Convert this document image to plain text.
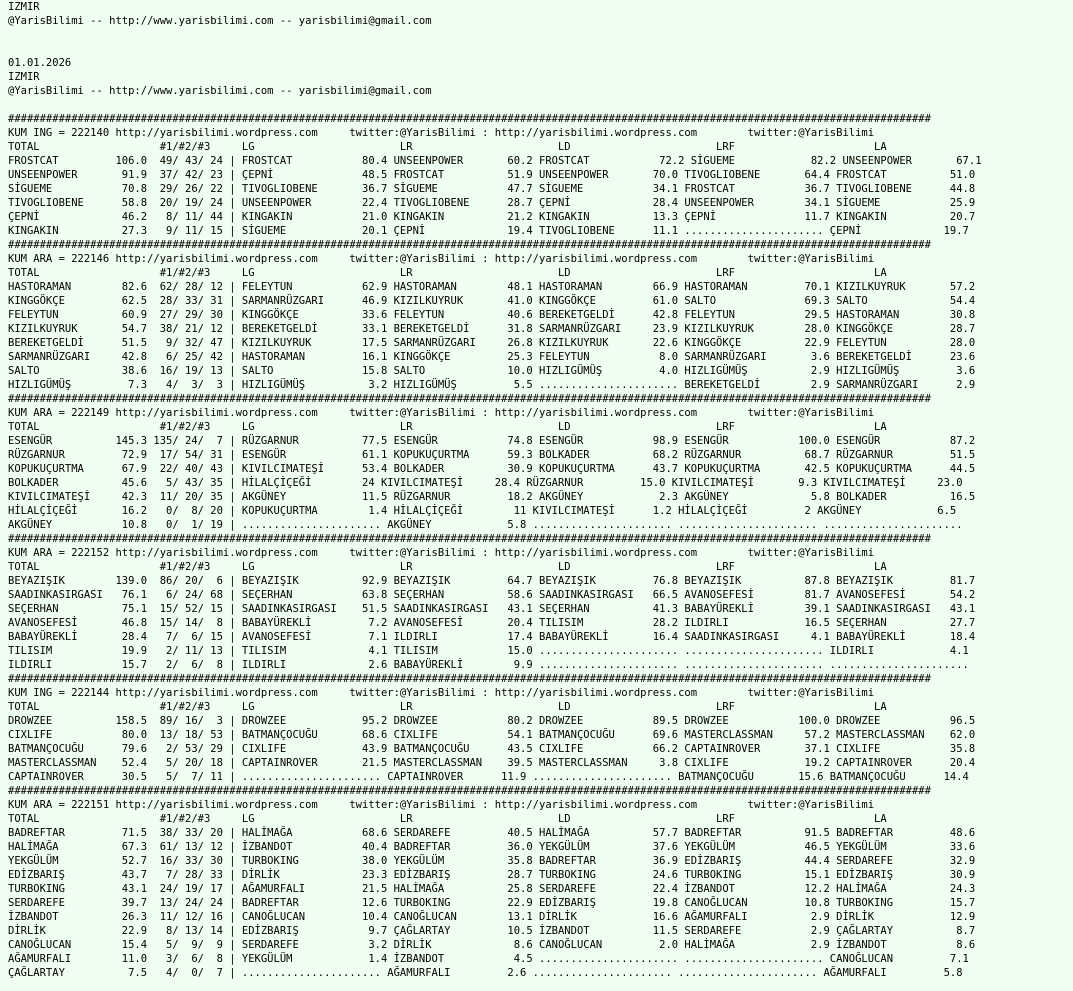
IZMIR
@YarisBilimi -- http://www.yarisbilimi.com -- yarisbilimi@gmail.com

01.01.2026
IZMIR
@YarisBilimi -- http://www.yarisbilimi.com -- yarisbilimi@gmail.com

##################################################################################################################################################
KUM ING = 222140 http://yarisbilimi.wordpress.com     twitter:@YarisBilimi : http://yarisbilimi.wordpress.com        twitter:@YarisBilimi
TOTAL                   #1/#2/#3     LG                       LR                       LD                       LRF                      LA
FROSTCAT         106.0  49/ 43/ 24 | FROSTCAT           80.4 UNSEENPOWER       60.2 FROSTCAT           72.2 SİGUEME            82.2 UNSEENPOWER       67.1
UNSEENPOWER       91.9  37/ 42/ 23 | ÇEPNİ              48.5 FROSTCAT          51.9 UNSEENPOWER       70.0 TIVOGLIOBENE       64.4 FROSTCAT          51.0
SİGUEME           70.8  29/ 26/ 22 | TIVOGLIOBENE       36.7 SİGUEME           47.7 SİGUEME           34.1 FROSTCAT           36.7 TIVOGLIOBENE      44.8
TIVOGLIOBENE      58.8  20/ 19/ 24 | UNSEENPOWER        22.4 TIVOGLIOBENE      28.7 ÇEPNİ             28.4 UNSEENPOWER        34.1 SİGUEME           25.9
ÇEPNİ             46.2   8/ 11/ 44 | KINGAKIN           21.0 KINGAKIN          21.2 KINGAKIN          13.3 ÇEPNİ              11.7 KINGAKIN          20.7
KINGAKIN          27.3   9/ 11/ 15 | SİGUEME            20.1 ÇEPNİ             19.4 TIVOGLIOBENE      11.1 ...................... ÇEPNİ             19.7
##################################################################################################################################################
KUM ARA = 222146 http://yarisbilimi.wordpress.com     twitter:@YarisBilimi : http://yarisbilimi.wordpress.com        twitter:@YarisBilimi
TOTAL                   #1/#2/#3     LG                       LR                       LD                       LRF                      LA
HASTORAMAN        82.6  62/ 28/ 12 | FELEYTUN           62.9 HASTORAMAN        48.1 HASTORAMAN        66.9 HASTORAMAN         70.1 KIZILKUYRUK       57.2
KINGGÖKÇE         62.5  28/ 33/ 31 | SARMANRÜZGARI      46.9 KIZILKUYRUK       41.0 KINGGÖKÇE         61.0 SALTO              69.3 SALTO             54.4
FELEYTUN          60.9  27/ 29/ 30 | KINGGÖKÇE          33.6 FELEYTUN          40.6 BEREKETGELDİ      42.8 FELEYTUN           29.5 HASTORAMAN        30.8
KIZILKUYRUK       54.7  38/ 21/ 12 | BEREKETGELDİ       33.1 BEREKETGELDİ      31.8 SARMANRÜZGARI     23.9 KIZILKUYRUK        28.0 KINGGÖKÇE         28.7
BEREKETGELDİ      51.5   9/ 32/ 47 | KIZILKUYRUK        17.5 SARMANRÜZGARI     26.8 KIZILKUYRUK       22.6 KINGGÖKÇE          22.9 FELEYTUN          28.0
SARMANRÜZGARI     42.8   6/ 25/ 42 | HASTORAMAN         16.1 KINGGÖKÇE         25.3 FELEYTUN           8.0 SARMANRÜZGARI       3.6 BEREKETGELDİ      23.6
SALTO             38.6  16/ 19/ 13 | SALTO              15.8 SALTO             10.0 HIZLIGÜMÜŞ         4.0 HIZLIGÜMÜŞ          2.9 HIZLIGÜMÜŞ         3.6
HIZLIGÜMÜŞ         7.3   4/  3/  3 | HIZLIGÜMÜŞ          3.2 HIZLIGÜMÜŞ         5.5 ...................... BEREKETGELDİ        2.9 SARMANRÜZGARI      2.9
##################################################################################################################################################
KUM ARA = 222149 http://yarisbilimi.wordpress.com     twitter:@YarisBilimi : http://yarisbilimi.wordpress.com        twitter:@YarisBilimi
TOTAL                   #1/#2/#3     LG                       LR                       LD                       LRF                      LA
ESENGÜR          145.3 135/ 24/  7 | RÜZGARNUR          77.5 ESENGÜR           74.8 ESENGÜR           98.9 ESENGÜR           100.0 ESENGÜR           87.2
RÜZGARNUR         72.9  17/ 54/ 31 | ESENGÜR            61.1 KOPUKUÇURTMA      59.3 BOLKADER          68.2 RÜZGARNUR          68.7 RÜZGARNUR         51.5
KOPUKUÇURTMA      67.9  22/ 40/ 43 | KIVILCIMATEŞİ      53.4 BOLKADER          30.9 KOPUKUÇURTMA      43.7 KOPUKUÇURTMA       42.5 KOPUKUÇURTMA      44.5
BOLKADER          45.6   5/ 43/ 35 | HİLALÇİÇEĞİ        24 KIVILCIMATEŞİ     28.4 RÜZGARNUR         15.0 KIVILCIMATEŞİ       9.3 KIVILCIMATEŞİ     23.0
KIVILCIMATEŞİ     42.3  11/ 20/ 35 | AKGÜNEY            11.5 RÜZGARNUR         18.2 AKGÜNEY            2.3 AKGÜNEY             5.8 BOLKADER          16.5
HİLALÇİÇEĞİ       16.2   0/  8/ 20 | KOPUKUÇURTMA        1.4 HİLALÇİÇEĞİ        11 KIVILCIMATEŞİ      1.2 HİLALÇİÇEĞİ         2 AKGÜNEY            6.5
AKGÜNEY           10.8   0/  1/ 19 | ...................... AKGÜNEY            5.8 ...................... ...................... ......................
##################################################################################################################################################
KUM ARA = 222152 http://yarisbilimi.wordpress.com     twitter:@YarisBilimi : http://yarisbilimi.wordpress.com        twitter:@YarisBilimi
TOTAL                   #1/#2/#3     LG                       LR                       LD                       LRF                      LA
BEYAZIŞIK        139.0  86/ 20/  6 | BEYAZIŞIK          92.9 BEYAZIŞIK         64.7 BEYAZIŞIK         76.8 BEYAZIŞIK          87.8 BEYAZIŞIK         81.7
SAADINKASIRGASI   76.1   6/ 24/ 68 | SEÇERHAN           63.8 SEÇERHAN          58.6 SAADINKASIRGASI   66.5 AVANOSEFESİ        81.7 AVANOSEFESİ       54.2
SEÇERHAN          75.1  15/ 52/ 15 | SAADINKASIRGASI    51.5 SAADINKASIRGASI   43.1 SEÇERHAN          41.3 BABAYÜREKLİ        39.1 SAADINKASIRGASI   43.1
AVANOSEFESİ       46.8  15/ 14/  8 | BABAYÜREKLİ         7.2 AVANOSEFESİ       20.4 TILISIM           28.2 ILDIRLI            16.5 SEÇERHAN          27.7
BABAYÜREKLİ       28.4   7/  6/ 15 | AVANOSEFESİ         7.1 ILDIRLI           17.4 BABAYÜREKLİ       16.4 SAADINKASIRGASI     4.1 BABAYÜREKLİ       18.4
TILISIM           19.9   2/ 11/ 13 | TILISIM             4.1 TILISIM           15.0 ...................... ...................... ILDIRLI            4.1
ILDIRLI           15.7   2/  6/  8 | ILDIRLI             2.6 BABAYÜREKLİ        9.9 ...................... ...................... ......................
##################################################################################################################################################
KUM ING = 222144 http://yarisbilimi.wordpress.com     twitter:@YarisBilimi : http://yarisbilimi.wordpress.com        twitter:@YarisBilimi
TOTAL                   #1/#2/#3     LG                       LR                       LD                       LRF                      LA
DROWZEE          158.5  89/ 16/  3 | DROWZEE            95.2 DROWZEE           80.2 DROWZEE           89.5 DROWZEE           100.0 DROWZEE           96.5
CIXLIFE           80.0  13/ 18/ 53 | BATMANÇOCUĞU       68.6 CIXLIFE           54.1 BATMANÇOCUĞU      69.6 MASTERCLASSMAN     57.2 MASTERCLASSMAN    62.0
BATMANÇOCUĞU      79.6   2/ 53/ 29 | CIXLIFE            43.9 BATMANÇOCUĞU      43.5 CIXLIFE           66.2 CAPTAINROVER       37.1 CIXLIFE           35.8
MASTERCLASSMAN    52.4   5/ 20/ 18 | CAPTAINROVER       21.5 MASTERCLASSMAN    39.5 MASTERCLASSMAN     3.8 CIXLIFE            19.2 CAPTAINROVER      20.4
CAPTAINROVER      30.5   5/  7/ 11 | ...................... CAPTAINROVER      11.9 ...................... BATMANÇOCUĞU       15.6 BATMANÇOCUĞU      14.4
##################################################################################################################################################
KUM ARA = 222151 http://yarisbilimi.wordpress.com     twitter:@YarisBilimi : http://yarisbilimi.wordpress.com        twitter:@YarisBilimi
TOTAL                   #1/#2/#3     LG                       LR                       LD                       LRF                      LA
BADREFTAR         71.5  38/ 33/ 20 | HALİMAĞA           68.6 SERDAREFE         40.5 HALİMAĞA          57.7 BADREFTAR          91.5 BADREFTAR         48.6
HALİMAĞA          67.3  61/ 13/ 12 | İZBANDOT           40.4 BADREFTAR         36.0 YEKGÜLÜM          37.6 YEKGÜLÜM           46.5 YEKGÜLÜM          33.6
YEKGÜLÜM          52.7  16/ 33/ 30 | TURBOKING          38.0 YEKGÜLÜM          35.8 BADREFTAR         36.9 EDİZBARIŞ          44.4 SERDAREFE         32.9
EDİZBARIŞ         43.7   7/ 28/ 33 | DİRLİK             23.3 EDİZBARIŞ         28.7 TURBOKING         24.6 TURBOKING          15.1 EDİZBARIŞ         30.9
TURBOKING         43.1  24/ 19/ 17 | AĞAMURFALI         21.5 HALİMAĞA          25.8 SERDAREFE         22.4 İZBANDOT           12.2 HALİMAĞA          24.3
SERDAREFE         39.7  13/ 24/ 24 | BADREFTAR          12.6 TURBOKING         22.9 EDİZBARIŞ         19.8 CANOĞLUCAN         10.8 TURBOKING         15.7
İZBANDOT          26.3  11/ 12/ 16 | CANOĞLUCAN         10.4 CANOĞLUCAN        13.1 DİRLİK            16.6 AĞAMURFALI          2.9 DİRLİK            12.9
DİRLİK            22.9   8/ 13/ 14 | EDİZBARIŞ           9.7 ÇAĞLARTAY         10.5 İZBANDOT          11.5 SERDAREFE           2.9 ÇAĞLARTAY          8.7
CANOĞLUCAN        15.4   5/  9/  9 | SERDAREFE           3.2 DİRLİK             8.6 CANOĞLUCAN         2.0 HALİMAĞA            2.9 İZBANDOT           8.6
AĞAMURFALI        11.0   3/  6/  8 | YEKGÜLÜM            1.4 İZBANDOT           4.5 ...................... ...................... CANOĞLUCAN         7.1
ÇAĞLARTAY          7.5   4/  0/  7 | ...................... AĞAMURFALI         2.6 ...................... ...................... AĞAMURFALI         5.8
